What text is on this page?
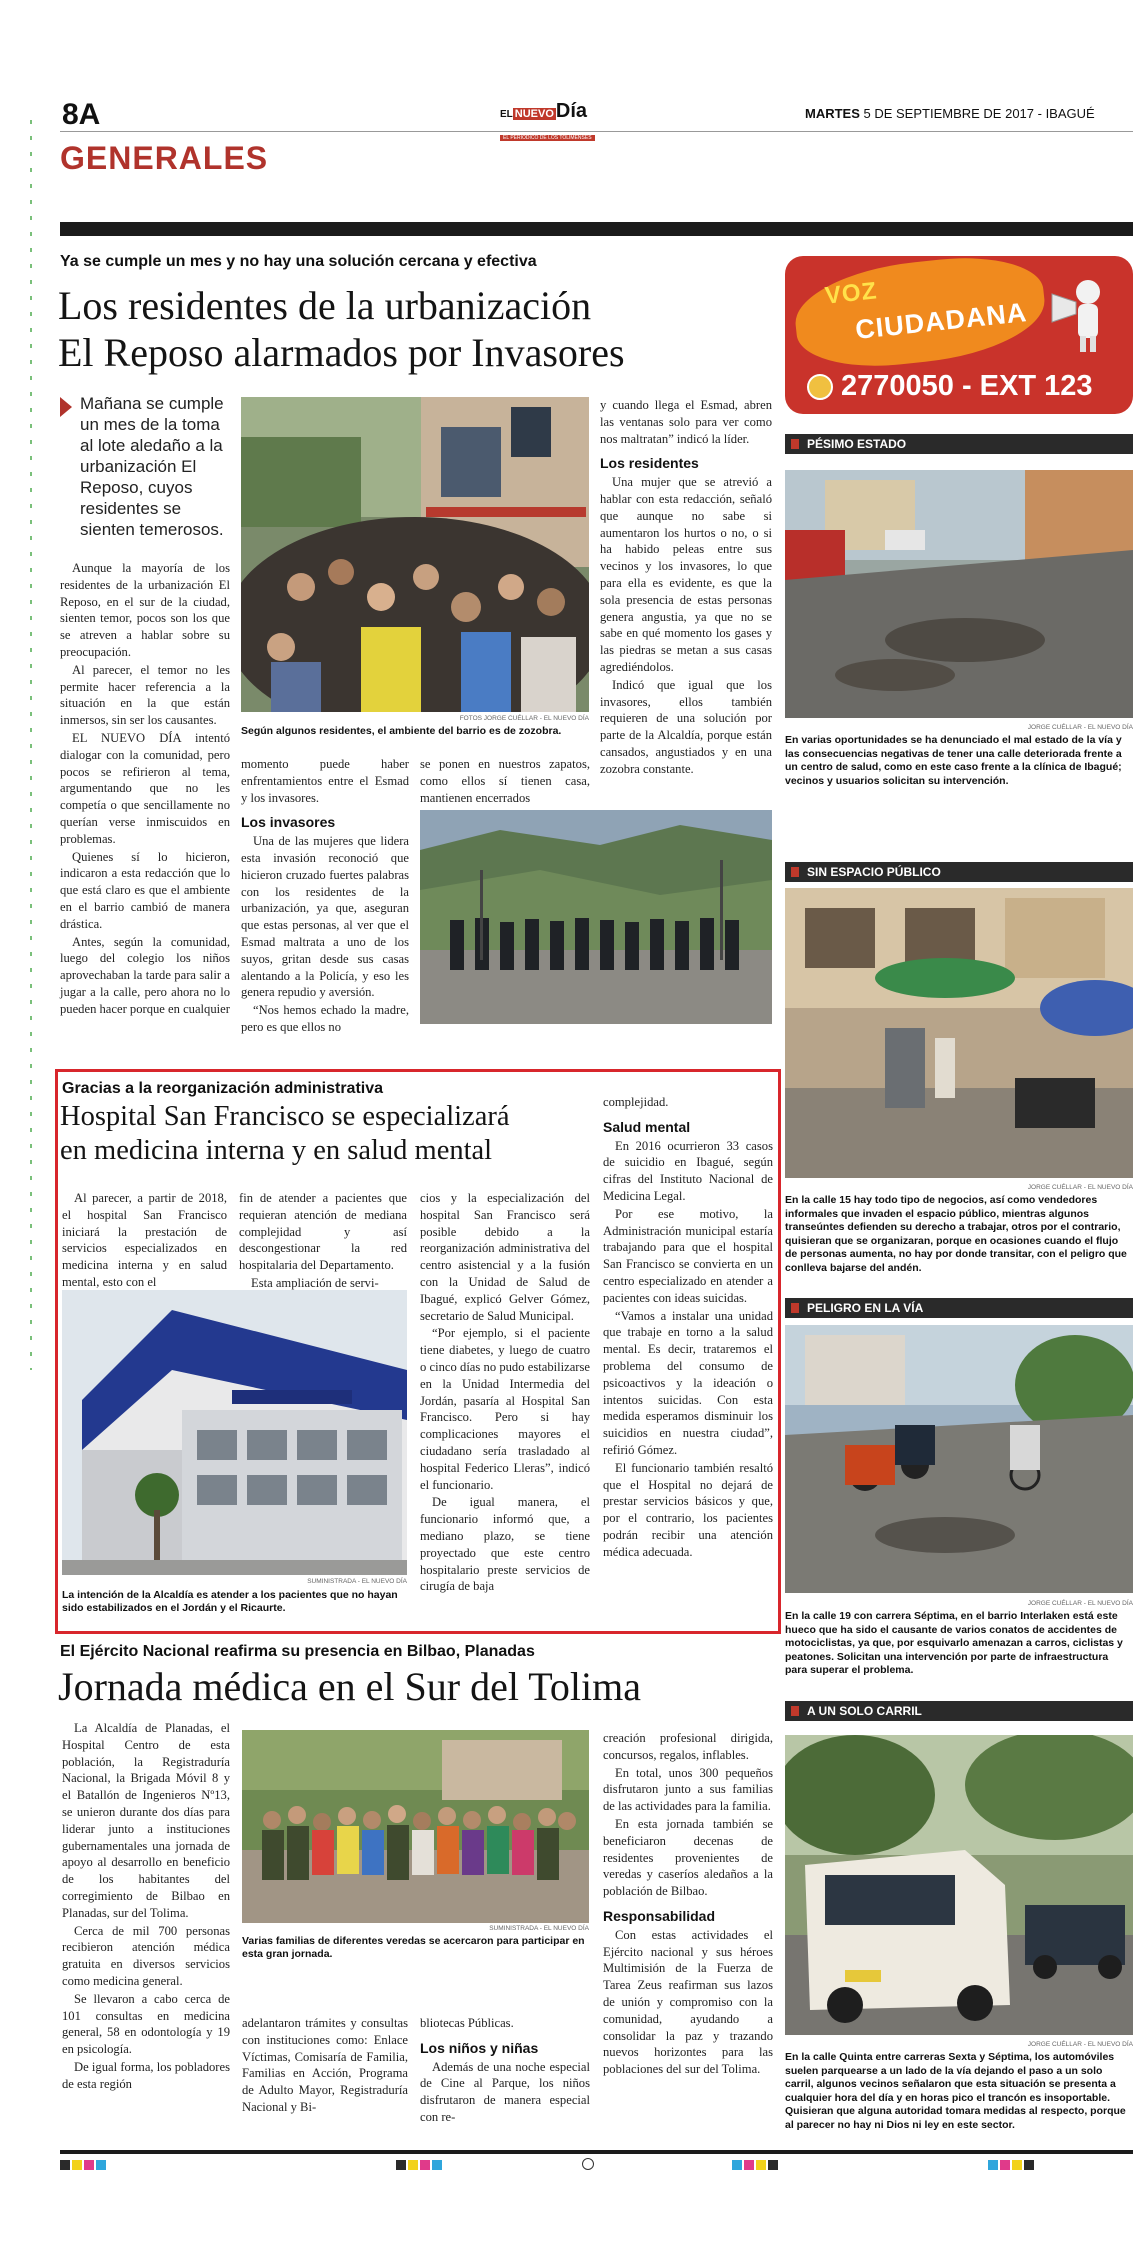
8A	EL NUEVO Día
EL PERIÓDICO DE LOS TOLIMENSES
MARTES 5 DE SEPTIEMBRE DE 2017 - IBAGUÉ
GENERALES
Ya se cumple un mes y no hay una solución cercana y efectiva
Los residentes de la urbanización
El Reposo alarmados por Invasores
Mañana se cumple un mes de la toma al lote aledaño a la urbanización El Reposo, cuyos residentes se sienten temerosos.

Aunque la mayoría de los residentes de la urbanización El Reposo, en el sur de la ciudad, sienten temor, pocos son los que se atreven a hablar sobre su preocupación.

Al parecer, el temor no les permite hacer referencia a la situación en la que están inmersos, sin ser los causantes.

EL NUEVO DÍA intentó dialogar con la comunidad, pero pocos se refirieron al tema, argumentando que no les competía o que sencillamente no querían verse inmiscuidos en problemas.

Quienes sí lo hicieron, indicaron a esta redacción que lo que está claro es que el ambiente en el barrio cambió de manera drástica.

Antes, según la comunidad, luego del colegio los niños aprovechaban la tarde para salir a jugar a la calle, pero ahora no lo pueden hacer porque en cualquier

FOTOS JORGE CUÉLLAR - EL NUEVO DÍA
Según algunos residentes, el ambiente del barrio es de zozobra.

momento puede haber enfrentamientos entre el Esmad y los invasores.

Los invasores

Una de las mujeres que lidera esta invasión reconoció que hicieron cruzado fuertes palabras con los residentes de la urbanización, ya que, aseguran que estas personas, al ver que el Esmad maltrata a uno de los suyos, gritan desde sus casas alentando a la Policía, y eso les genera repudio y aversión.

“Nos hemos echado la madre, pero es que ellos no

se ponen en nuestros zapatos, como ellos sí tienen casa, mantienen encerrados

y cuando llega el Esmad, abren las ventanas solo para ver como nos maltratan” indicó la líder.

Los residentes

Una mujer que se atrevió a hablar con esta redacción, señaló que aunque no sabe si aumentaron los hurtos o no, o si ha habido peleas entre sus vecinos y los invasores, lo que para ella es evidente, es que la sola presencia de estas personas genera angustia, ya que no se sabe en qué momento los gases y las piedras se metan a sus casas agrediéndolos.

Indicó que igual que los invasores, ellos también requieren de una solución por parte de la Alcaldía, porque están cansados, angustiados y en una zozobra constante.

Gracias a la reorganización administrativa
Hospital San Francisco se especializará
en medicina interna y en salud mental

Al parecer, a partir de 2018, el hospital San Francisco iniciará la prestación de servicios especializados en medicina interna y en salud mental, esto con el

fin de atender a pacientes que requieran atención de mediana complejidad y así descongestionar la red hospitalaria del Departamento.

Esta ampliación de servi-

cios y la especialización del hospital San Francisco será posible debido a la reorganización administrativa del centro asistencial y a la fusión con la Unidad de Salud de Ibagué, explicó Gelver Gómez, secretario de Salud Municipal.

“Por ejemplo, si el paciente tiene diabetes, y luego de cuatro o cinco días no pudo estabilizarse en la Unidad Intermedia del Jordán, pasaría al Hospital San Francisco. Pero si hay complicaciones mayores el ciudadano sería trasladado al hospital Federico Lleras”, indicó el funcionario.

De igual manera, el funcionario informó que, a mediano plazo, se tiene proyectado que este centro hospitalario preste servicios de cirugía de baja

complejidad.

Salud mental

En 2016 ocurrieron 33 casos de suicidio en Ibagué, según cifras del Instituto Nacional de Medicina Legal.

Por ese motivo, la Administración municipal estaría trabajando para que el hospital San Francisco se convierta en un centro especializado en atender a pacientes con ideas suicidas.

“Vamos a instalar una unidad que trabaje en torno a la salud mental. Es decir, trataremos el problema del consumo de psicoactivos y la ideación o intentos suicidas. Con esta medida esperamos disminuir los suicidios en nuestra ciudad”, refirió Gómez.

El funcionario también resaltó que el Hospital no dejará de prestar servicios básicos y que, por el contrario, los pacientes podrán recibir una atención médica adecuada.

SUMINISTRADA - EL NUEVO DÍA
La intención de la Alcaldía es atender a los pacientes que no hayan sido estabilizados en el Jordán y el Ricaurte.
El Ejército Nacional reafirma su presencia en Bilbao, Planadas
Jornada médica en el Sur del Tolima

La Alcaldía de Planadas, el Hospital Centro de esta población, la Registraduría Nacional, la Brigada Móvil 8 y el Batallón de Ingenieros Nº13, se unieron durante dos días para liderar junto a instituciones gubernamentales una jornada de apoyo al desarrollo en beneficio de los habitantes del corregimiento de Bilbao en Planadas, sur del Tolima.

Cerca de mil 700 personas recibieron atención médica gratuita en diversos servicios como medicina general.

Se llevaron a cabo cerca de 101 consultas en medicina general, 58 en odontología y 19 en psicología.

De igual forma, los pobladores de esta región

SUMINISTRADA - EL NUEVO DÍA
Varias familias de diferentes veredas se acercaron para participar en esta gran jornada.

adelantaron trámites y consultas con instituciones como: Enlace Víctimas, Comisaría de Familia, Familias en Acción, Programa de Adulto Mayor, Registraduría Nacional y Bi-

bliotecas Públicas.

Los niños y niñas

Además de una noche especial de Cine al Parque, los niños disfrutaron de manera especial con re-

creación profesional dirigida, concursos, regalos, inflables.

En total, unos 300 pequeños disfrutaron junto a sus familias de las actividades para la familia.

En esta jornada también se beneficiaron decenas de residentes provenientes de veredas y caseríos aledaños a la población de Bilbao.

Responsabilidad

Con estas actividades el Ejército nacional y sus héroes Multimisión de la Fuerza de Tarea Zeus reafirman sus lazos de unión y compromiso con la comunidad, ayudando a consolidar la paz y trazando nuevos horizontes para las poblaciones del sur del Tolima.

VOZ
CIUDADANA
2770050 - EXT 123
PÉSIMO ESTADO
JORGE CUÉLLAR - EL NUEVO DÍA
En varias oportunidades se ha denunciado el mal estado de la vía y las consecuencias negativas de tener una calle deteriorada frente a un centro de salud, como en este caso frente a la clínica de Ibagué; vecinos y usuarios solicitan su intervención.
SIN ESPACIO PÚBLICO
JORGE CUÉLLAR - EL NUEVO DÍA
En la calle 15 hay todo tipo de negocios, así como vendedores informales que invaden el espacio público, mientras algunos transeúntes defienden su derecho a trabajar, otros por el contrario, quisieran que se organizaran, porque en ocasiones cuando el flujo de personas aumenta, no hay por donde transitar, con el peligro que conlleva bajarse del andén.
PELIGRO EN LA VÍA
JORGE CUÉLLAR - EL NUEVO DÍA
En la calle 19 con carrera Séptima, en el barrio Interlaken está este hueco que ha sido el causante de varios conatos de accidentes de motociclistas, ya que, por esquivarlo amenazan a carros, ciclistas y peatones. Solicitan una intervención por parte de infraestructura para superar el problema.
A UN SOLO CARRIL
JORGE CUÉLLAR - EL NUEVO DÍA
En la calle Quinta entre carreras Sexta y Séptima, los automóviles suelen parquearse a un lado de la vía dejando el paso a un solo carril, algunos vecinos señalaron que esta situación se presenta a cualquier hora del día y en horas pico el trancón es insoportable. Quisieran que alguna autoridad tomara medidas al respecto, porque al parecer no hay ni Dios ni ley en este sector.
